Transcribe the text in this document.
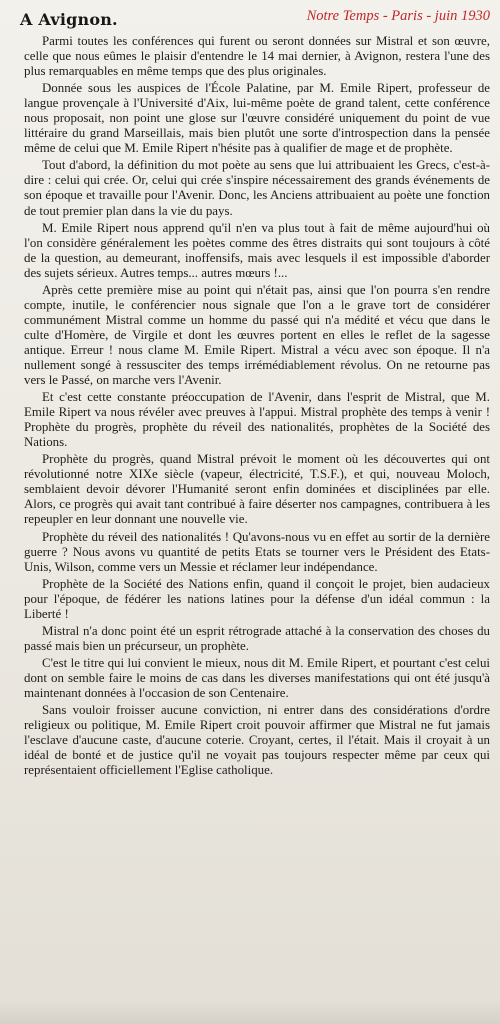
A Avignon.	Notre Temps - Paris - juin 1930

Parmi toutes les conférences qui furent ou seront données sur Mistral et son œuvre, celle que nous eûmes le plaisir d'entendre le 14 mai dernier, à Avignon, restera l'une des plus remarquables en même temps que des plus originales.

Donnée sous les auspices de l'École Palatine, par M. Emile Ripert, professeur de langue provençale à l'Université d'Aix, lui-même poète de grand talent, cette conférence nous proposait, non point une glose sur l'œuvre considéré uniquement du point de vue littéraire du grand Marseillais, mais bien plutôt une sorte d'introspection dans la pensée même de celui que M. Emile Ripert n'hésite pas à qualifier de mage et de prophète.

Tout d'abord, la définition du mot poète au sens que lui attribuaient les Grecs, c'est-à-dire : celui qui crée. Or, celui qui crée s'inspire nécessairement des grands événements de son époque et travaille pour l'Avenir. Donc, les Anciens attribuaient au poète une fonction de tout premier plan dans la vie du pays.

M. Emile Ripert nous apprend qu'il n'en va plus tout à fait de même aujourd'hui où l'on considère généralement les poètes comme des êtres distraits qui sont toujours à côté de la question, au demeurant, inoffensifs, mais avec lesquels il est impossible d'aborder des sujets sérieux. Autres temps... autres mœurs !...

Après cette première mise au point qui n'était pas, ainsi que l'on pourra s'en rendre compte, inutile, le conférencier nous signale que l'on a le grave tort de considérer communément Mistral comme un homme du passé qui n'a médité et vécu que dans le culte d'Homère, de Virgile et dont les œuvres portent en elles le reflet de la sagesse antique. Erreur ! nous clame M. Emile Ripert. Mistral a vécu avec son époque. Il n'a nullement songé à ressusciter des temps irrémédiablement révolus. On ne retourne pas vers le Passé, on marche vers l'Avenir.

Et c'est cette constante préoccupation de l'Avenir, dans l'esprit de Mistral, que M. Emile Ripert va nous révéler avec preuves à l'appui. Mistral prophète des temps à venir ! Prophète du progrès, prophète du réveil des nationalités, prophètes de la Société des Nations.

Prophète du progrès, quand Mistral prévoit le moment où les découvertes qui ont révolutionné notre XIXe siècle (vapeur, électricité, T.S.F.), et qui, nouveau Moloch, semblaient devoir dévorer l'Humanité seront enfin dominées et disciplinées par elle. Alors, ce progrès qui avait tant contribué à faire déserter nos campagnes, contribuera à les repeupler en leur donnant une nouvelle vie.

Prophète du réveil des nationalités ! Qu'avons-nous vu en effet au sortir de la dernière guerre ? Nous avons vu quantité de petits Etats se tourner vers le Président des Etats-Unis, Wilson, comme vers un Messie et réclamer leur indépendance.

Prophète de la Société des Nations enfin, quand il conçoit le projet, bien audacieux pour l'époque, de fédérer les nations latines pour la défense d'un idéal commun : la Liberté !

Mistral n'a donc point été un esprit rétrograde attaché à la conservation des choses du passé mais bien un précurseur, un prophète.

C'est le titre qui lui convient le mieux, nous dit M. Emile Ripert, et pourtant c'est celui dont on semble faire le moins de cas dans les diverses manifestations qui ont été jusqu'à maintenant données à l'occasion de son Centenaire.

Sans vouloir froisser aucune conviction, ni entrer dans des considérations d'ordre religieux ou politique, M. Emile Ripert croit pouvoir affirmer que Mistral ne fut jamais l'esclave d'aucune caste, d'aucune coterie. Croyant, certes, il l'était. Mais il croyait à un idéal de bonté et de justice qu'il ne voyait pas toujours respecter même par ceux qui représentaient officiellement l'Eglise catholique.
